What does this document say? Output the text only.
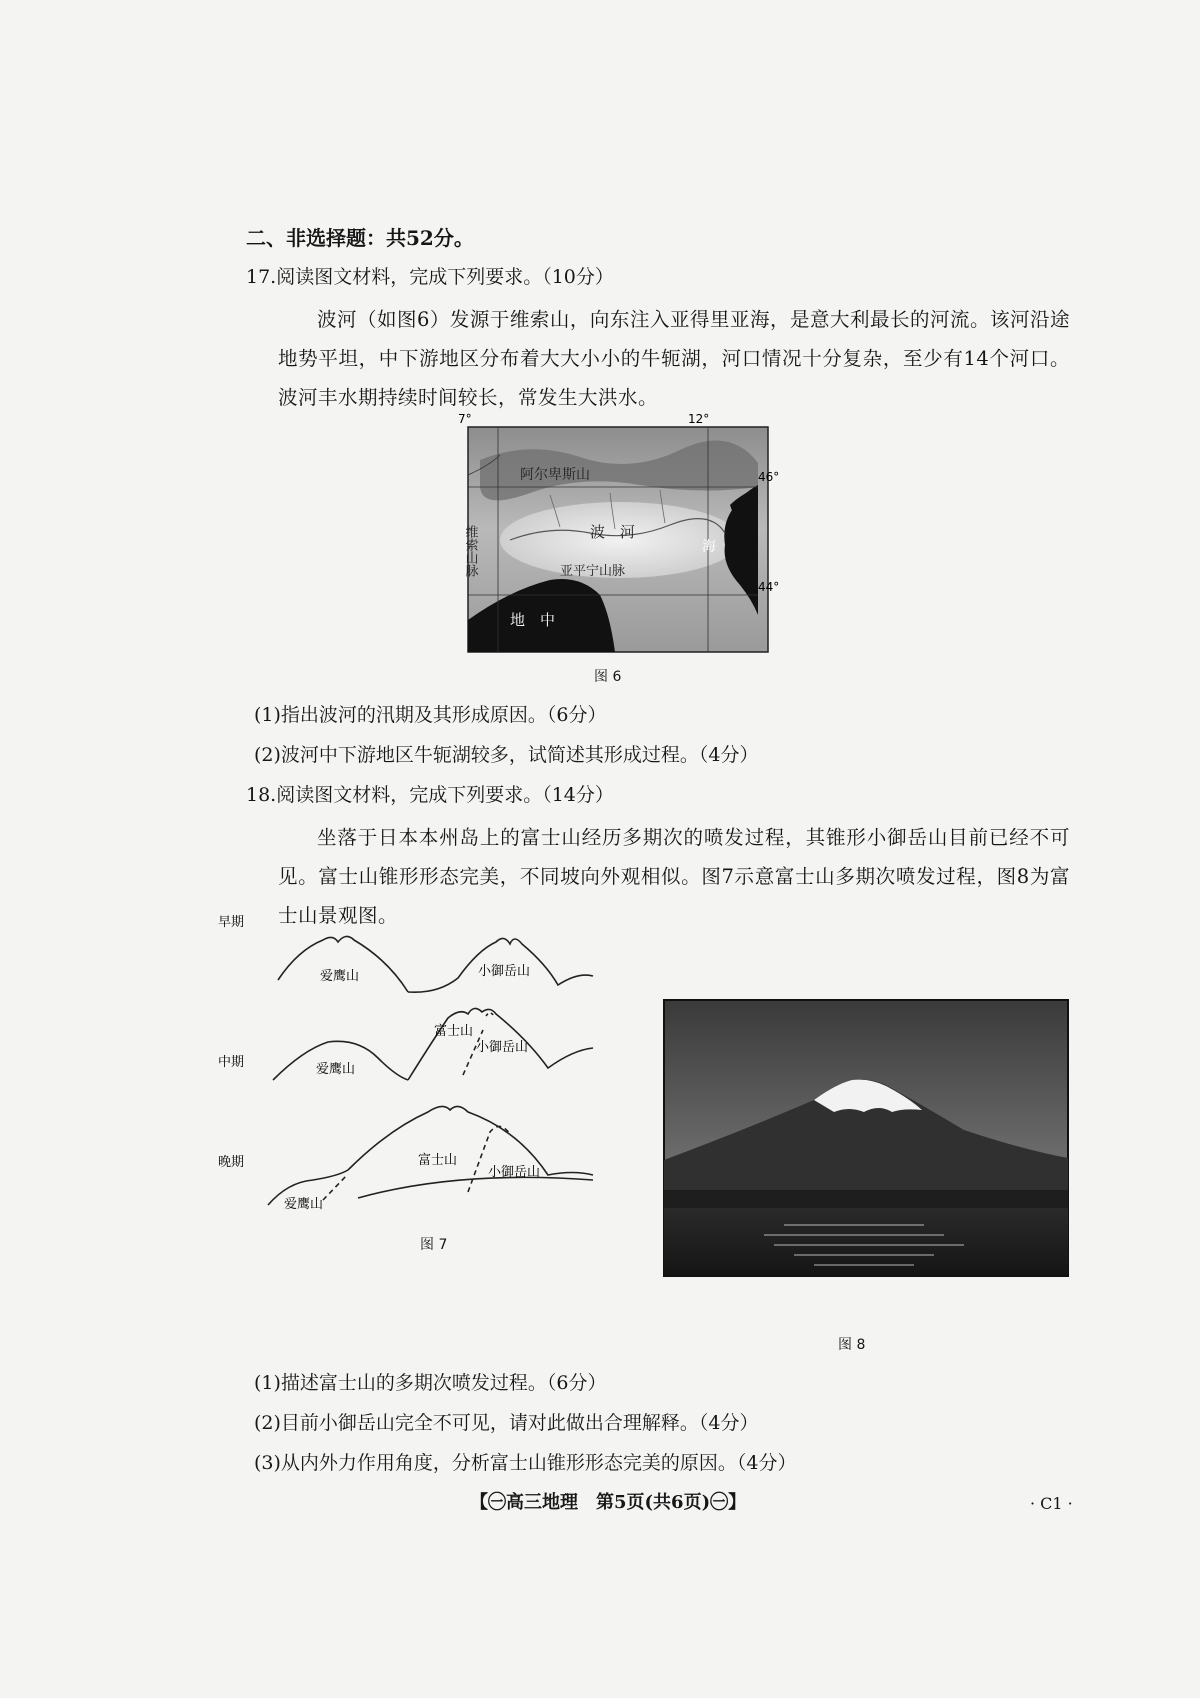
二、非选择题：共52分。
17.阅读图文材料，完成下列要求。（10分）
波河（如图6）发源于维索山，向东注入亚得里亚海，是意大利最长的河流。该河沿途地势平坦，中下游地区分布着大大小小的牛轭湖，河口情况十分复杂，至少有14个河口。波河丰水期持续时间较长，常发生大洪水。
7°	12°
46°
44°
阿尔卑斯山
维索山脉	波　河
亚平宁山脉
海
地　中
图 6
(1)指出波河的汛期及其形成原因。（6分）
(2)波河中下游地区牛轭湖较多，试简述其形成过程。（4分）
18.阅读图文材料，完成下列要求。（14分）
坐落于日本本州岛上的富士山经历多期次的喷发过程，其锥形小御岳山目前已经不可见。富士山锥形形态完美，不同坡向外观相似。图7示意富士山多期次喷发过程，图8为富士山景观图。
早期
中期
晚期
爱鹰山	小御岳山
爱鹰山
富士山
小御岳山
富士山
小御岳山
爱鹰山
图 7
图 8
(1)描述富士山的多期次喷发过程。（6分）
(2)目前小御岳山完全不可见，请对此做出合理解释。（4分）
(3)从内外力作用角度，分析富士山锥形形态完美的原因。（4分）
【㊀高三地理　第5页(共6页)㊀】	· C1 ·
